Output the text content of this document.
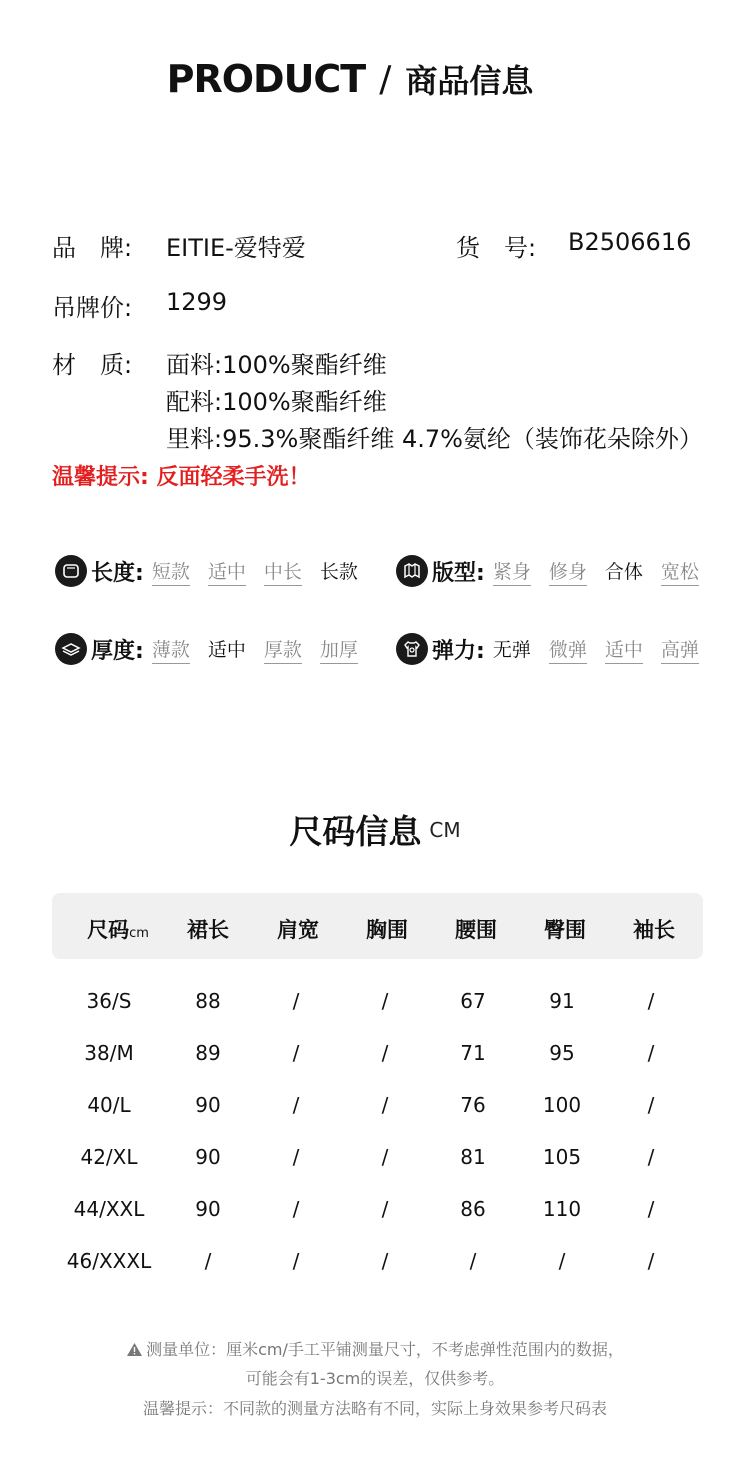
PRODUCT / 商品信息
品　牌: EITIE-爱特爱	货　号: B2506616
吊牌价: 1299
材　质: 面料:100%聚酯纤维
配料:100%聚酯纤维
里料:95.3%聚酯纤维 4.7%氨纶（装饰花朵除外）
温馨提示: 反面轻柔手洗！
长度: 短款 适中 中长 长款	版型: 紧身 修身 合体 宽松
厚度: 薄款 适中 厚款 加厚	弹力: 无弹 微弹 适中 高弹
尺码信息 CM
尺码cm	裙长	肩宽	胸围	腰围	臀围	袖长
36/S	88	/	/	67	91	/
38/M	89	/	/	71	95	/
40/L	90	/	/	76	100	/
42/XL	90	/	/	81	105	/
44/XXL	90	/	/	86	110	/
46/XXXL	/	/	/	/	/	/
测量单位：厘米cm/手工平铺测量尺寸，不考虑弹性范围内的数据，
可能会有1-3cm的误差，仅供参考。
温馨提示：不同款的测量方法略有不同，实际上身效果参考尺码表
